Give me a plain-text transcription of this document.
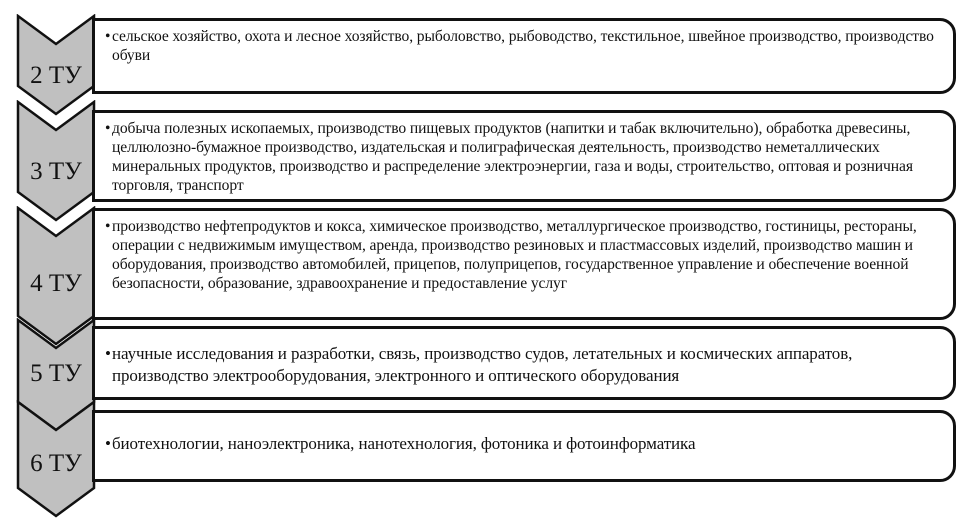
2 ТУ
• сельское хозяйство, охота и лесное хозяйство, рыболовство, рыбоводство, текстильное, швейное производство, производство обуви
3 ТУ
• добыча полезных ископаемых, производство пищевых продуктов (напитки и табак включительно), обработка древесины, целлюлозно-бумажное производство, издательская и полиграфическая деятельность, производство неметаллических минеральных продуктов, производство и распределение электроэнергии, газа и воды, строительство, оптовая и розничная торговля, транспорт
4 ТУ
• производство нефтепродуктов и кокса, химическое производство, металлургическое производство, гостиницы, рестораны, операции с недвижимым имуществом, аренда, производство резиновых и пластмассовых изделий, производство машин и оборудования, производство автомобилей, прицепов, полуприцепов, государственное управление и обеспечение военной безопасности, образование, здравоохранение и предоставление услуг
5 ТУ
•научные исследования и разработки, связь, производство судов, летательных и космических аппаратов, производство электрооборудования, электронного и оптического оборудования
6 ТУ
•биотехнологии, наноэлектроника, нанотехнология, фотоника и фотоинформатика
